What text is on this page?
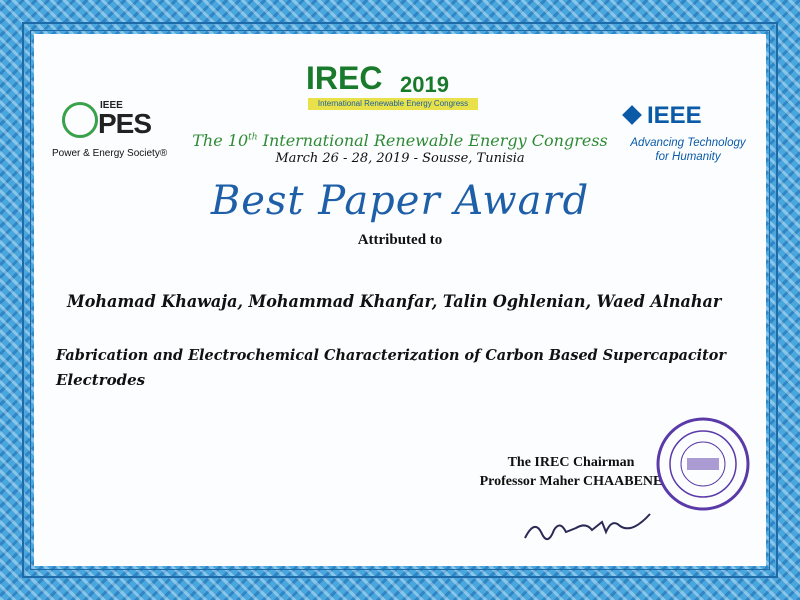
IEEE
PES
Power & Energy Society®
IREC 2019
International Renewable Energy Congress	IEEE
Advancing Technology
for Humanity
The 10th International Renewable Energy Congress
March 26 - 28, 2019 - Sousse, Tunisia
Best Paper Award
Attributed to
Mohamad Khawaja, Mohammad Khanfar, Talin Oghlenian, Waed Alnahar
Fabrication and Electrochemical Characterization of Carbon Based Supercapacitor
Electrodes
The IREC Chairman
Professor Maher CHAABENE
